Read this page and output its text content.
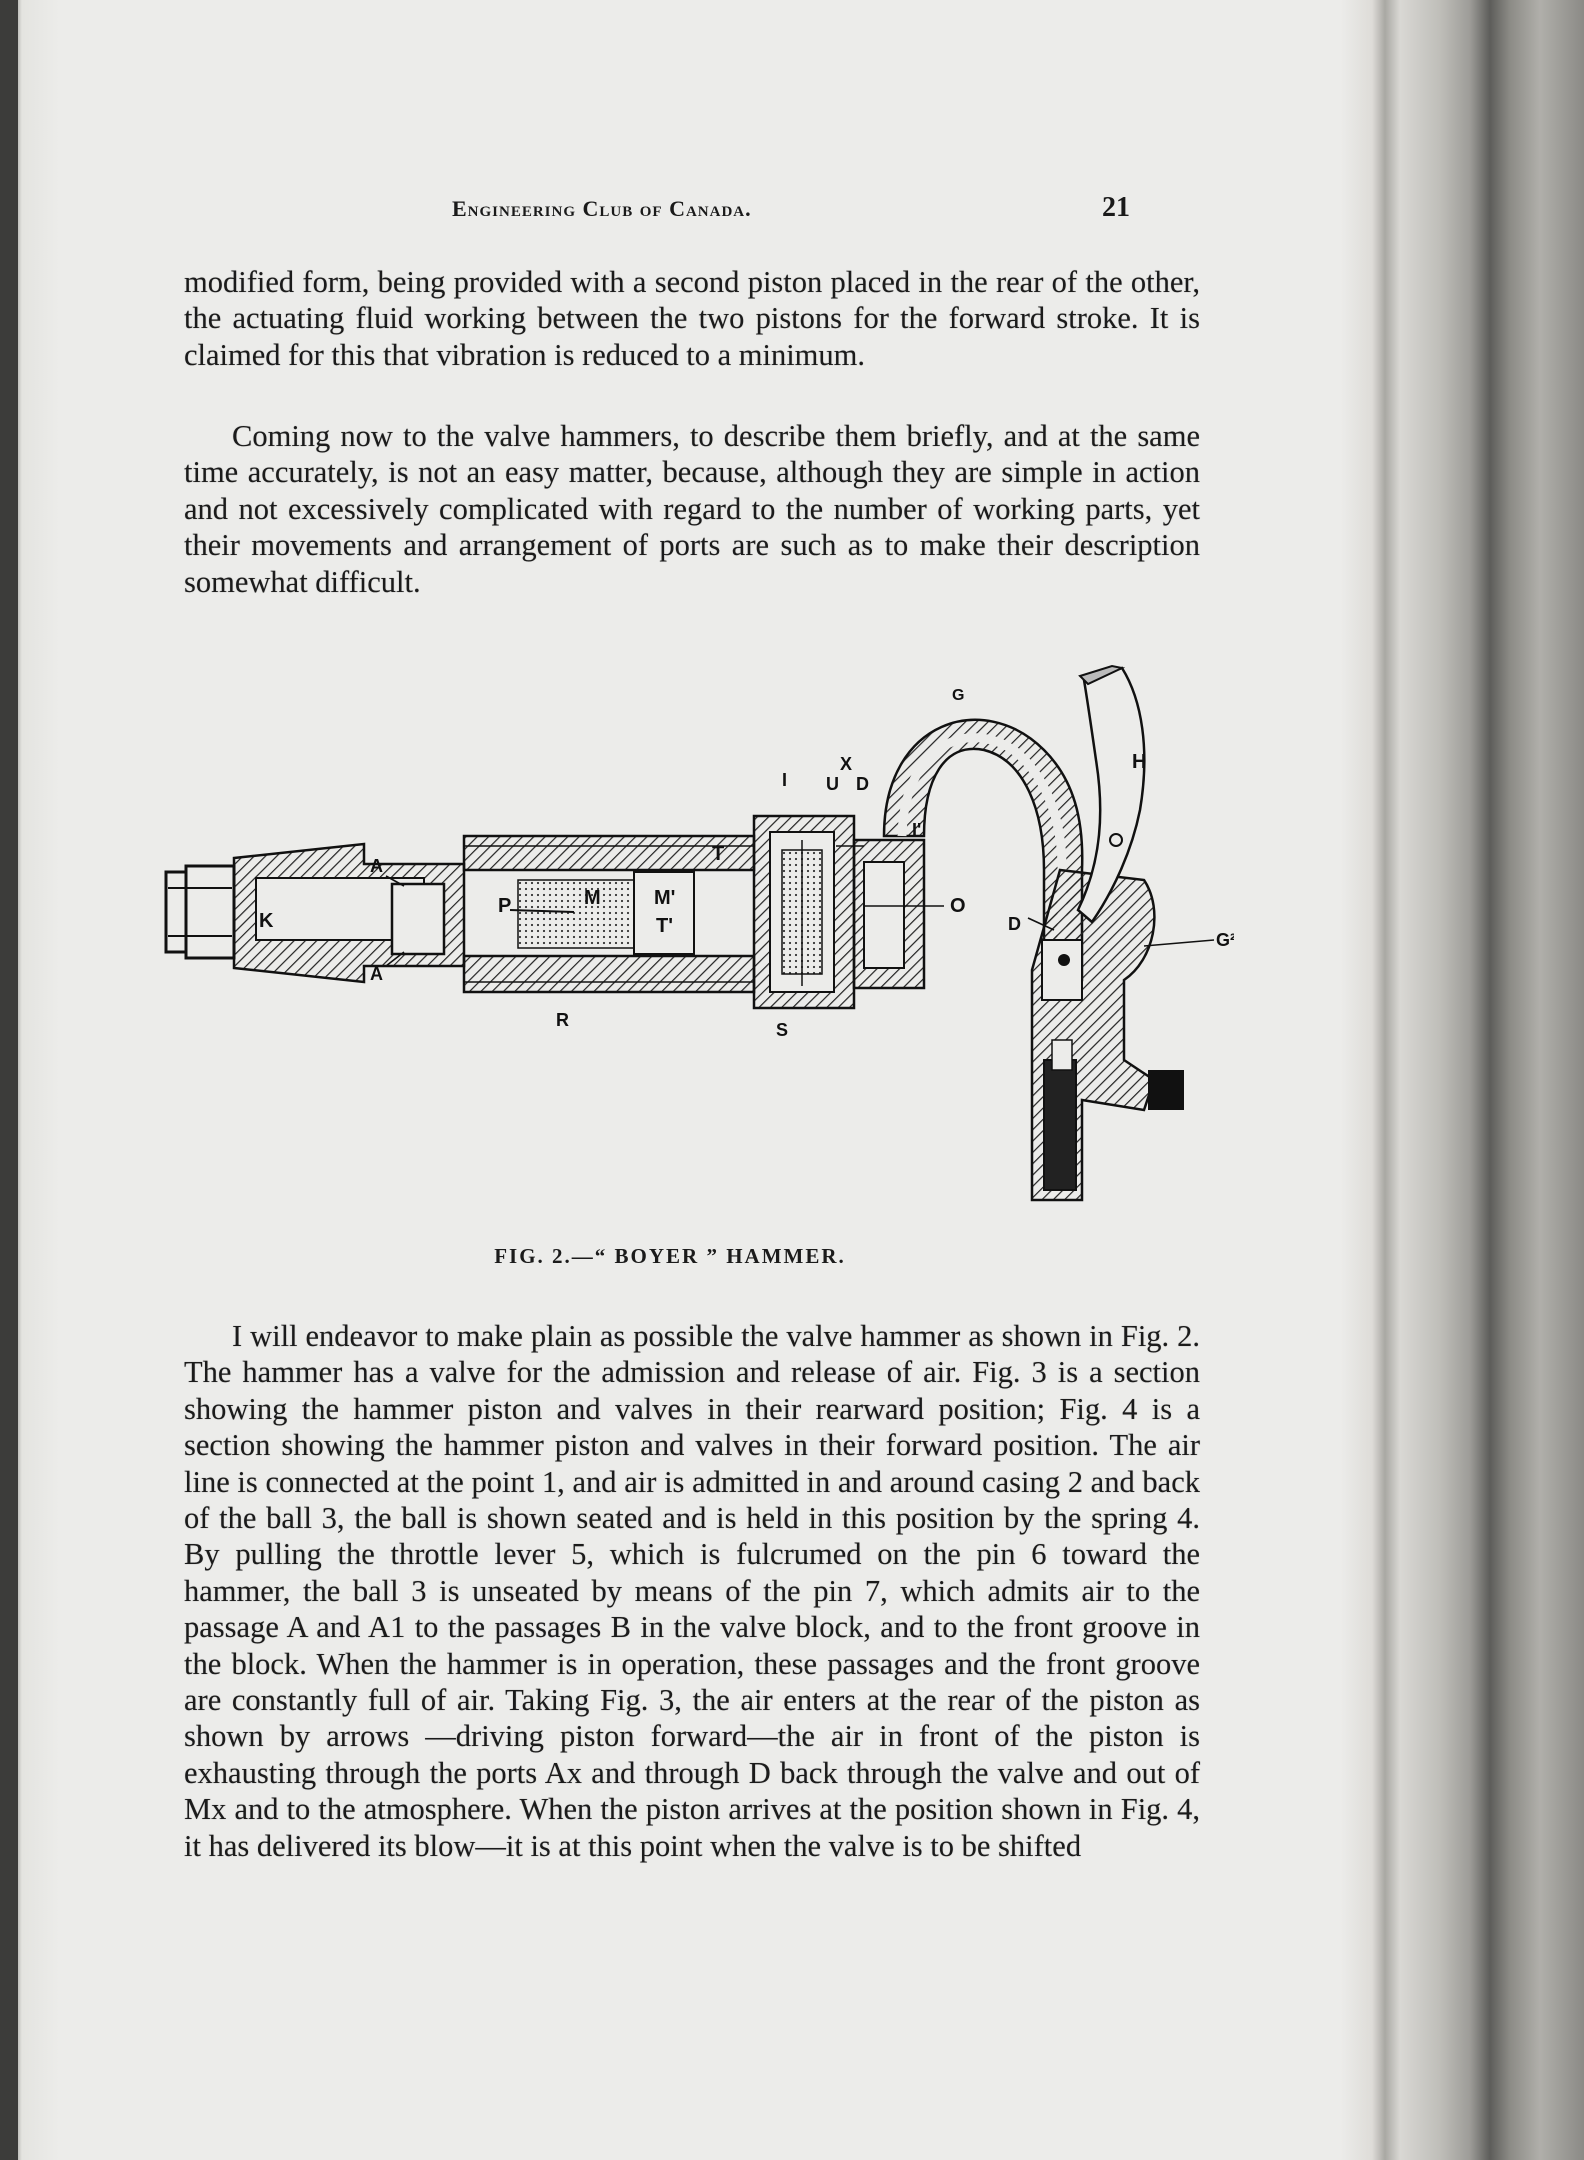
Engineering Club of Canada.	21

modified form, being provided with a second piston placed in the rear of the other, the actuating fluid working between the two pistons for the forward stroke. It is claimed for this that vibration is reduced to a minimum.

Coming now to the valve hammers, to describe them briefly, and at the same time accurately, is not an easy matter, because, although they are simple in action and not excessively complicated with regard to the number of working parts, yet their movements and arrangement of ports are such as to make their description somewhat difficult.

K
A
A
P	M	M'
T'
T
R	S
I
X
U D
I'
O
G
H
D
G²
FIG. 2.—“ BOYER ” HAMMER.

I will endeavor to make plain as possible the valve hammer as shown in Fig. 2. The hammer has a valve for the admission and release of air. Fig. 3 is a section showing the hammer piston and valves in their rearward position; Fig. 4 is a section showing the hammer piston and valves in their forward position. The air line is connected at the point 1, and air is admitted in and around casing 2 and back of the ball 3, the ball is shown seated and is held in this position by the spring 4. By pulling the throttle lever 5, which is fulcrumed on the pin 6 toward the hammer, the ball 3 is unseated by means of the pin 7, which admits air to the passage A and A1 to the passages B in the valve block, and to the front groove in the block. When the hammer is in operation, these passages and the front groove are constantly full of air. Taking Fig. 3, the air enters at the rear of the piston as shown by arrows —driving piston forward—the air in front of the piston is exhausting through the ports Ax and through D back through the valve and out of Mx and to the atmosphere. When the piston arrives at the position shown in Fig. 4, it has delivered its blow—it is at this point when the valve is to be shifted
